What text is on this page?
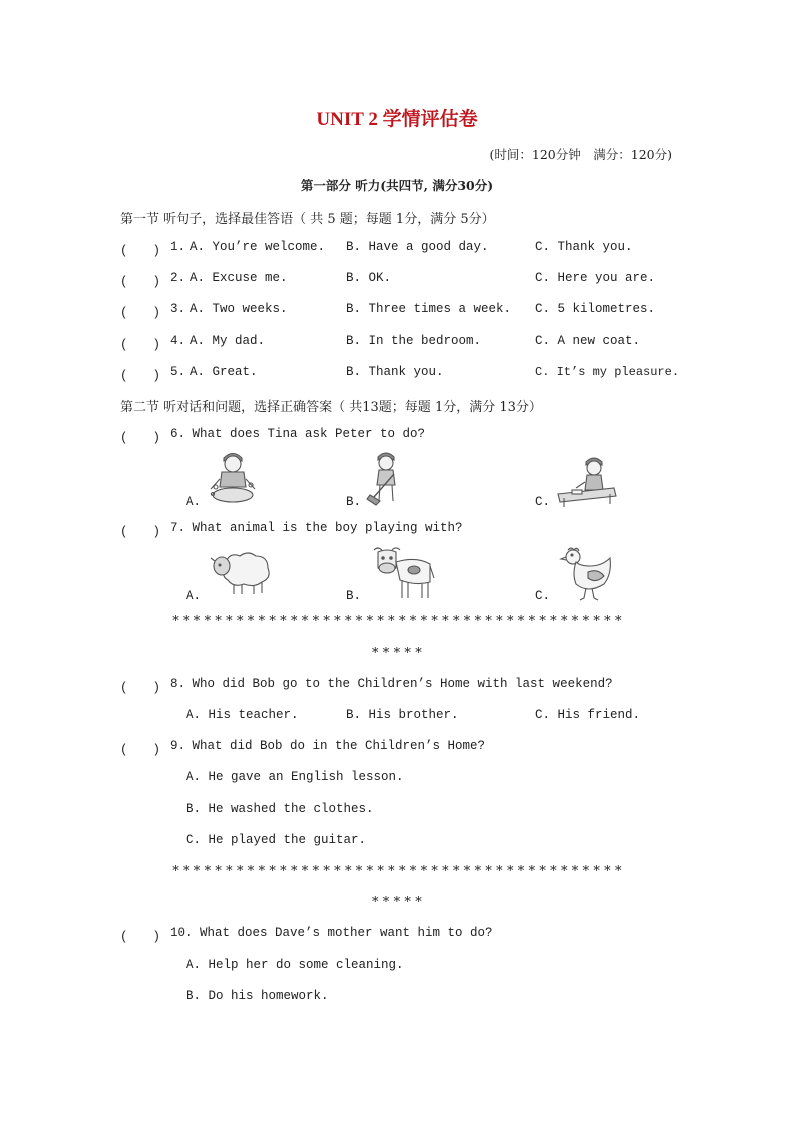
UNIT 2 学情评估卷
(时间：120分钟　满分：120分)
第一部分 听力(共四节, 满分30分)
第一节 听句子，选择最佳答语（ 共 5 题；每题 1分，满分 5分）
(　　) 1. A. You’re welcome. B. Have a good day.	C. Thank you.
(　　) 2. A. Excuse me.	B. OK.	C. Here you are.
(　　) 3. A. Two weeks.	B. Three times a week. C. 5 kilometres.
(　　) 4. A. My dad.	B. In the bedroom.	C. A new coat.
(　　) 5. A. Great.	B. Thank you.	C. It’s my pleasure.
第二节 听对话和问题，选择正确答案（ 共13题；每题 1分，满分 13分）
(　　) 6. What does Tina ask Peter to do?
A.	B.	C.
(　　) 7. What animal is the boy playing with?
A.	B.	C.
******************************************
*****
(　　) 8. Who did Bob go to the Children’s Home with last weekend?
A. His teacher.	B. His brother.	C. His friend.
(　　) 9. What did Bob do in the Children’s Home?
A. He gave an English lesson.
B. He washed the clothes.
C. He played the guitar.
******************************************
*****
(　　) 10. What does Dave’s mother want him to do?
A. Help her do some cleaning.
B. Do his homework.
